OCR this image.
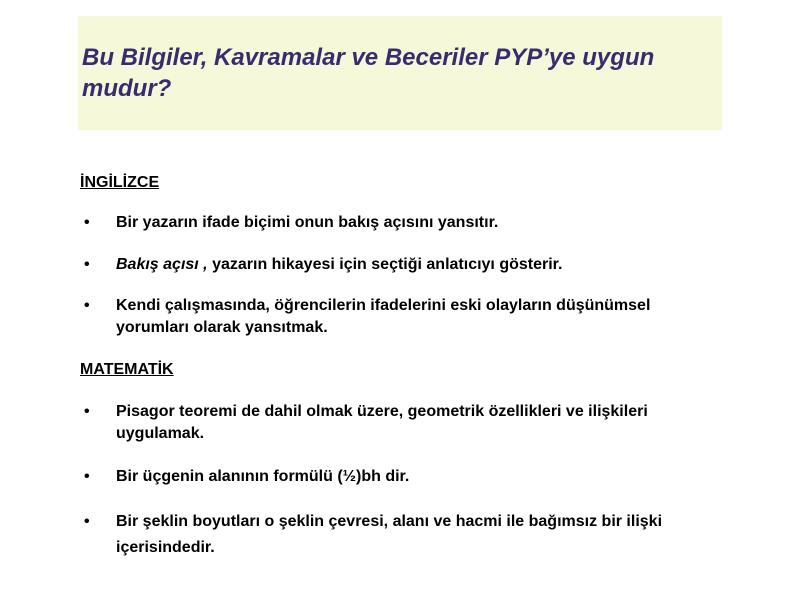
Bu Bilgiler, Kavramalar ve Beceriler PYP’ye uygun mudur?

İNGİLİZCE

•	Bir yazarın ifade biçimi onun bakış açısını yansıtır.
•	Bakış açısı , yazarın hikayesi için seçtiği anlatıcıyı gösterir.
•	Kendi çalışmasında, öğrencilerin ifadelerini eski olayların düşünümsel yorumları olarak yansıtmak.

MATEMATİK

•	Pisagor teoremi de dahil olmak üzere, geometrik özellikleri ve ilişkileri uygulamak.
•	Bir üçgenin alanının formülü (½)bh dir.
•	Bir şeklin boyutları o şeklin çevresi, alanı ve hacmi ile bağımsız bir ilişki içerisindedir.
